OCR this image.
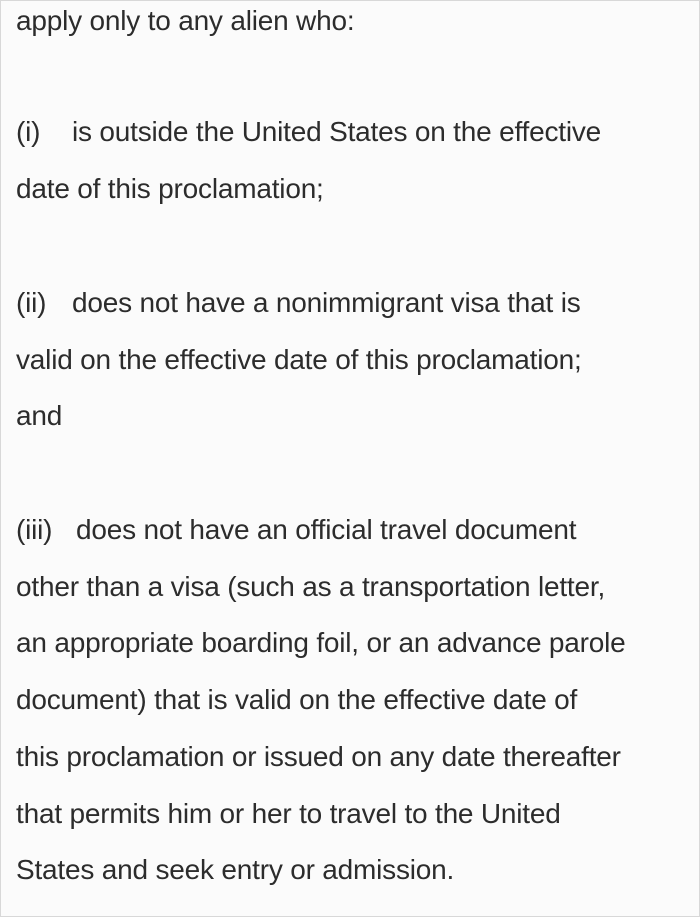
apply only to any alien who:
(i) is outside the United States on the effective
date of this proclamation;
(ii) does not have a nonimmigrant visa that is
valid on the effective date of this proclamation;
and
(iii) does not have an official travel document
other than a visa (such as a transportation letter,
an appropriate boarding foil, or an advance parole
document) that is valid on the effective date of
this proclamation or issued on any date thereafter
that permits him or her to travel to the United
States and seek entry or admission.
